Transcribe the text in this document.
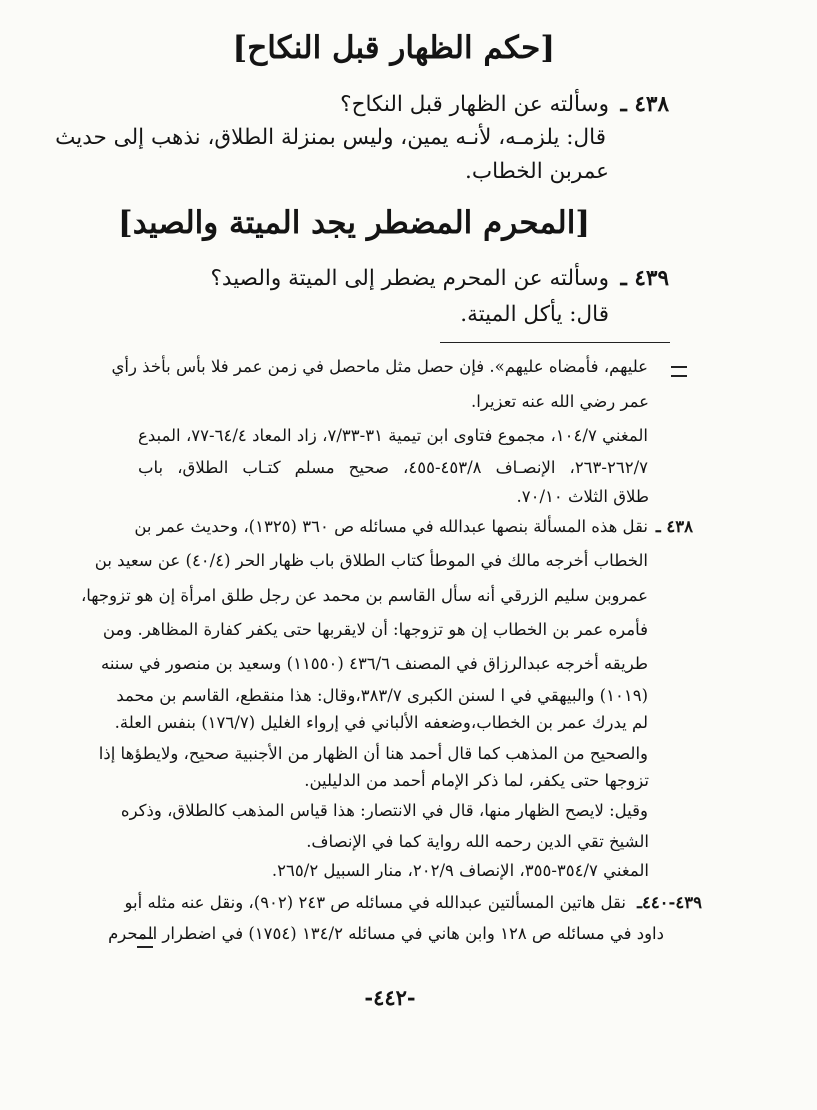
[حكم الظهار قبل النكاح]
٤٣٨ ـ
وسألته عن الظهار قبل النكاح؟
قال: يلزمـه، لأنـه يمين، وليس بمنزلة الطلاق، نذهب إلى حديث
عمربن الخطاب.
[المحرم المضطر يجد الميتة والصيد]
٤٣٩ ـ
وسألته عن المحرم يضطر إلى الميتة والصيد؟
قال: يأكل الميتة.
عليهم، فأمضاه عليهم». فإن حصل مثل ماحصل في زمن عمر فلا بأس بأخذ رأي
عمر رضي الله عنه تعزيرا.
المغني ١٠٤/٧، مجموع فتاوى ابن تيمية ٣١-٧/٣٣، زاد المعاد ٦٤/٤-٧٧، المبدع
٢٦٢/٧-٢٦٣، الإنصـاف ٤٥٣/٨-٤٥٥، صحيح مسلم كتـاب الطلاق، باب
طلاق الثلاث ٧٠/١٠.
٤٣٨ ـ
نقل هذه المسألة بنصها عبدالله في مسائله ص ٣٦٠ (١٣٢٥)، وحديث عمر بن
الخطاب أخرجه مالك في الموطأ كتاب الطلاق باب ظهار الحر (٤٠/٤) عن سعيد بن
عمروبن سليم الزرقي أنه سأل القاسم بن محمد عن رجل طلق امرأة إن هو تزوجها،
فأمره عمر بن الخطاب إن هو تزوجها: أن لايقربها حتى يكفر كفارة المظاهر. ومن
طريقه أخرجه عبدالرزاق في المصنف ٤٣٦/٦ (١١٥٥٠) وسعيد بن منصور في سننه
(١٠١٩) والبيهقي في ا لسنن الكبرى ٣٨٣/٧،وقال: هذا منقطع، القاسم بن محمد
لم يدرك عمر بن الخطاب،وضعفه الألباني في إرواء الغليل (١٧٦/٧) بنفس العلة.
والصحيح من المذهب كما قال أحمد هنا أن الظهار من الأجنبية صحيح، ولايطؤها إذا
تزوجها حتى يكفر، لما ذكر الإمام أحمد من الدليلين.
وقيل: لايصح الظهار منها، قال في الانتصار: هذا قياس المذهب كالطلاق، وذكره
الشيخ تقي الدين رحمه الله رواية كما في الإنصاف.
المغني ٣٥٤/٧-٣٥٥، الإنصاف ٢٠٢/٩، منار السبيل ٢٦٥/٢.
٤٣٩-٤٤٠ـ
نقل هاتين المسألتين عبدالله في مسائله ص ٢٤٣ (٩٠٢)، ونقل عنه مثله أبو
داود في مسائله ص ١٢٨ وابن هاني في مسائله ١٣٤/٢ (١٧٥٤) في اضطرار المحرم
-٤٤٢-
